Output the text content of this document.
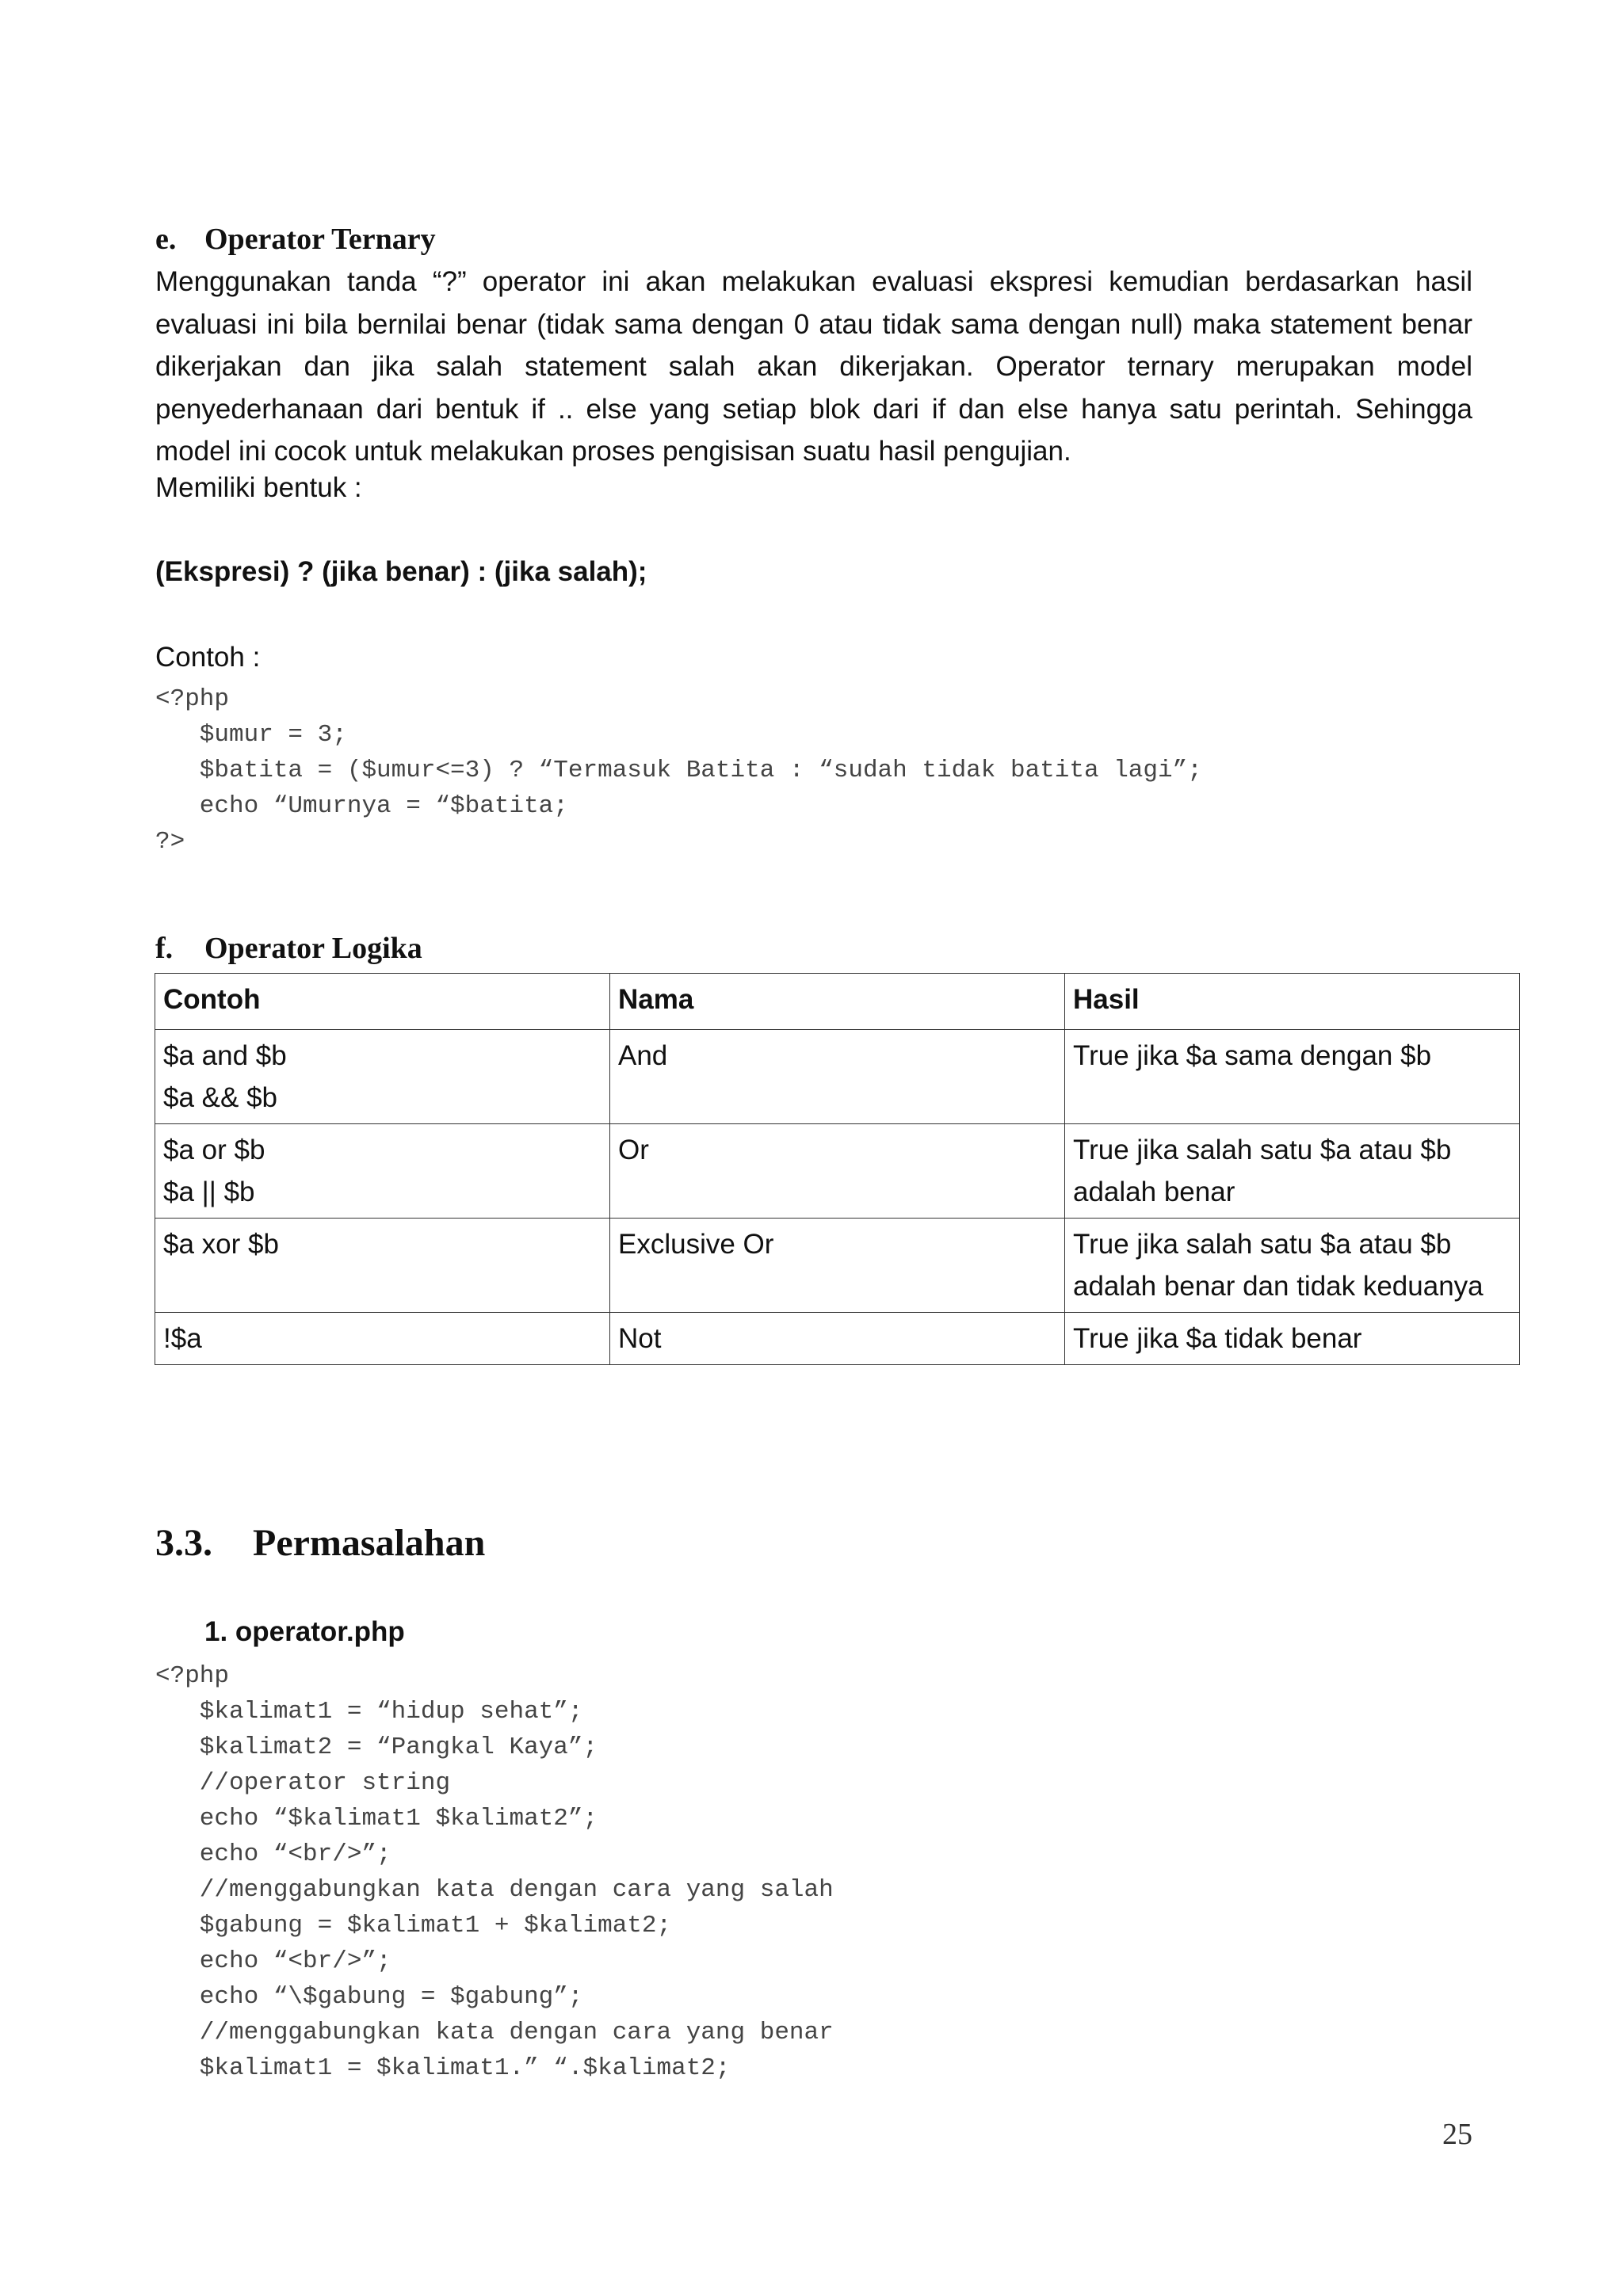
e. Operator Ternary

Menggunakan tanda “?” operator ini akan melakukan evaluasi ekspresi kemudian berdasarkan hasil evaluasi ini bila bernilai benar (tidak sama dengan 0 atau tidak sama dengan null) maka statement benar dikerjakan dan jika salah statement salah akan dikerjakan. Operator ternary merupakan model penyederhanaan dari bentuk if .. else yang setiap blok dari if dan else hanya satu perintah. Sehingga model ini cocok untuk melakukan proses pengisisan suatu hasil pengujian.

Memiliki bentuk :

(Ekspresi) ? (jika benar) : (jika salah);

Contoh :

<?php
$umur = 3;
$batita = ($umur<=3) ? “Termasuk Batita : “sudah tidak batita lagi”;
echo “Umurnya = “$batita;
?>
f. Operator Logika
Contoh	Nama	Hasil
$a and $b
$a && $b	And	True jika $a sama dengan $b
$a or $b
$a || $b	Or	True jika salah satu $a atau $b
adalah benar
$a xor $b	Exclusive Or	True jika salah satu $a atau $b
adalah benar dan tidak keduanya
!$a	Not	True jika $a tidak benar
3.3. Permasalahan

1. operator.php

<?php
$kalimat1 = “hidup sehat”;
$kalimat2 = “Pangkal Kaya”;
//operator string
echo “$kalimat1 $kalimat2”;
echo “<br/>”;
//menggabungkan kata dengan cara yang salah
$gabung = $kalimat1 + $kalimat2;
echo “<br/>”;
echo “\$gabung = $gabung”;
//menggabungkan kata dengan cara yang benar
$kalimat1 = $kalimat1.” “.$kalimat2;

25
